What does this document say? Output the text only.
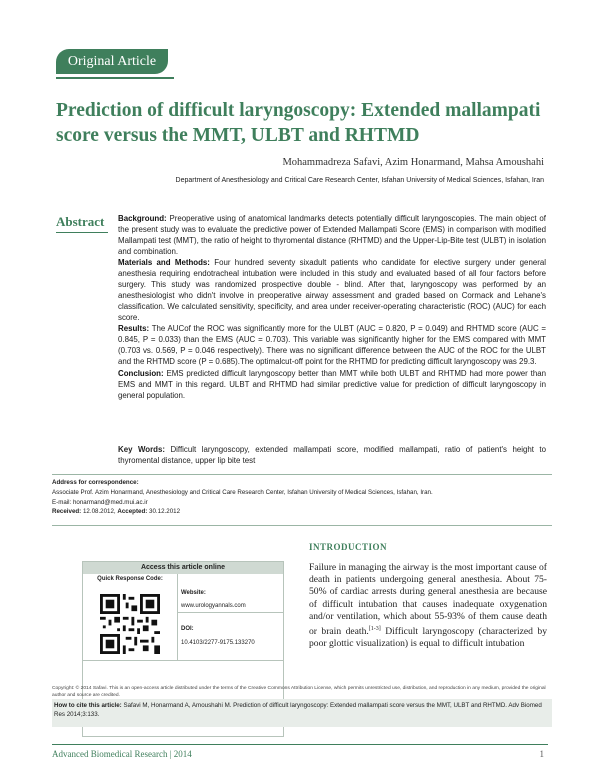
Original Article
Prediction of difficult laryngoscopy: Extended mallampati score versus the MMT, ULBT and RHTMD
Mohammadreza Safavi, Azim Honarmand, Mahsa Amoushahi
Department of Anesthesiology and Critical Care Research Center, Isfahan University of Medical Sciences, Isfahan, Iran
Abstract Background: Preoperative using of anatomical landmarks detects potentially difficult laryngoscopies. The main object of the present study was to evaluate the predictive power of Extended Mallampati Score (EMS) in comparison with modified Mallampati test (MMT), the ratio of height to thyromental distance (RHTMD) and the Upper-Lip-Bite test (ULBT) in isolation and combination.

Materials and Methods: Four hundred seventy sixadult patients who candidate for elective surgery under general anesthesia requiring endotracheal intubation were included in this study and evaluated based of all four factors before surgery. This study was randomized prospective double - blind. After that, laryngoscopy was performed by an anesthesiologist who didn't involve in preoperative airway assessment and graded based on Cormack and Lehane's classification. We calculated sensitivity, specificity, and area under receiver-operating characteristic (ROC) (AUC) for each score.

Results: The AUCof the ROC was significantly more for the ULBT (AUC = 0.820, P = 0.049) and RHTMD score (AUC = 0.845, P = 0.033) than the EMS (AUC = 0.703). This variable was significantly higher for the EMS compared with MMT (0.703 vs. 0.569, P = 0.046 respectively). There was no significant difference between the AUC of the ROC for the ULBT and the RHTMD score (P = 0.685).The optimalcut-off point for the RHTMD for predicting difficult laryngoscopy was 29.3.

Conclusion: EMS predicted difficult laryngoscopy better than MMT while both ULBT and RHTMD had more power than EMS and MMT in this regard. ULBT and RHTMD had similar predictive value for prediction of difficult laryngoscopy in general population.

Key Words: Difficult laryngoscopy, extended mallampati score, modified mallampati, ratio of patient's height to thyromental distance, upper lip bite test
Address for correspondence:
Associate Prof. Azim Honarmand, Anesthesiology and Critical Care Research Center, Isfahan University of Medical Sciences, Isfahan, Iran.
E-mail: honarmand@med.mui.ac.ir
Received: 12.08.2012, Accepted: 30.12.2012
Access this article online
Quick Response Code:
Website:
www.urologyannals.com
DOI:
10.4103/2277-9175.133270
INTRODUCTION
Failure in managing the airway is the most important cause of death in patients undergoing general anesthesia. About 75-50% of cardiac arrests during general anesthesia are because of difficult intubation that causes inadequate oxygenation and/or ventilation, which about 55-93% of them cause death or brain death.[1-3] Difficult laryngoscopy (characterized by poor glottic visualization) is equal to difficult intubation
Copyright: © 2014 Safavi. This is an open-access article distributed under the terms of the Creative Commons Attribution License, which permits unrestricted use, distribution, and reproduction in any medium, provided the original author and source are credited.
How to cite this article: Safavi M, Honarmand A, Amoushahi M. Prediction of difficult laryngoscopy: Extended mallampati score versus the MMT, ULBT and RHTMD. Adv Biomed Res 2014;3:133.
Advanced Biomedical Research | 2014	1
